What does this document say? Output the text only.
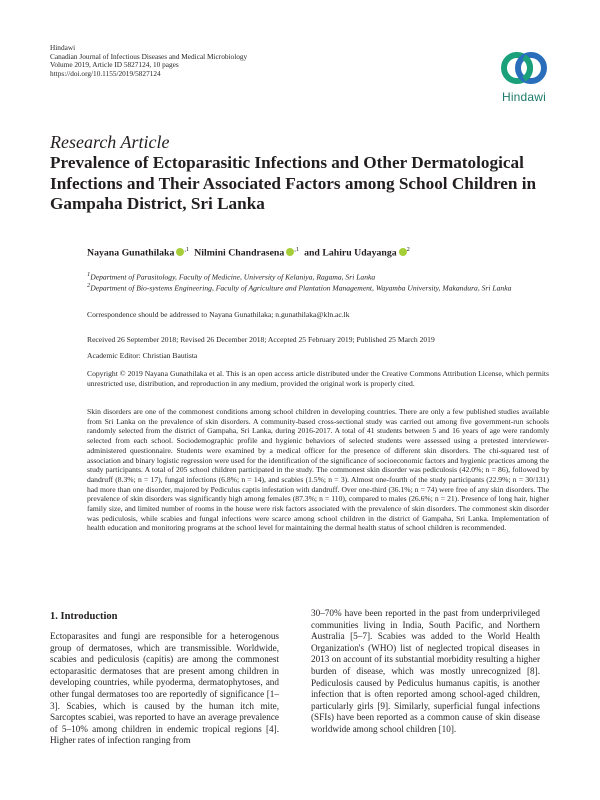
Hindawi
Canadian Journal of Infectious Diseases and Medical Microbiology
Volume 2019, Article ID 5827124, 10 pages
https://doi.org/10.1155/2019/5827124
Hindawi
Research Article
Prevalence of Ectoparasitic Infections and Other Dermatological Infections and Their Associated Factors among School Children in Gampaha District, Sri Lanka
Nayana Gunathilaka $^{,1}$ Nilmini Chandrasena $^{,1}$ and Lahiru Udayanga $^2$
1Department of Parasitology, Faculty of Medicine, University of Kelaniya, Ragama, Sri Lanka
2Department of Bio-systems Engineering, Faculty of Agriculture and Plantation Management, Wayamba University, Makandura, Sri Lanka
Correspondence should be addressed to Nayana Gunathilaka; n.gunathilaka@kln.ac.lk
Received 26 September 2018; Revised 26 December 2018; Accepted 25 February 2019; Published 25 March 2019
Academic Editor: Christian Bautista
Copyright © 2019 Nayana Gunathilaka et al. This is an open access article distributed under the Creative Commons Attribution License, which permits unrestricted use, distribution, and reproduction in any medium, provided the original work is properly cited.
Skin disorders are one of the commonest conditions among school children in developing countries. There are only a few published studies available from Sri Lanka on the prevalence of skin disorders. A community-based cross-sectional study was carried out among five government-run schools randomly selected from the district of Gampaha, Sri Lanka, during 2016-2017. A total of 41 students between 5 and 16 years of age were randomly selected from each school. Sociodemographic profile and hygienic behaviors of selected students were assessed using a pretested interviewer-administered questionnaire. Students were examined by a medical officer for the presence of different skin disorders. The chi-squared test of association and binary logistic regression were used for the identification of the significance of socioeconomic factors and hygienic practices among the study participants. A total of 205 school children participated in the study. The commonest skin disorder was pediculosis (42.0%; n = 86), followed by dandruff (8.3%; n = 17), fungal infections (6.8%; n = 14), and scabies (1.5%; n = 3). Almost one-fourth of the study participants (22.9%; n = 30/131) had more than one disorder, majored by Pediculus captis infestation with dandruff. Over one-third (36.1%; n = 74) were free of any skin disorders. The prevalence of skin disorders was significantly high among females (87.3%; n = 110), compared to males (26.6%; n = 21). Presence of long hair, higher family size, and limited number of rooms in the house were risk factors associated with the prevalence of skin disorders. The commonest skin disorder was pediculosis, while scabies and fungal infections were scarce among school children in the district of Gampaha, Sri Lanka. Implementation of health education and monitoring programs at the school level for maintaining the dermal health status of school children is recommended.
1. Introduction
Ectoparasites and fungi are responsible for a heterogenous group of dermatoses, which are transmissible. Worldwide, scabies and pediculosis (capitis) are among the commonest ectoparasitic dermatoses that are present among children in developing countries, while pyoderma, dermatophytoses, and other fungal dermatoses too are reportedly of significance [1–3]. Scabies, which is caused by the human itch mite, Sarcoptes scabiei, was reported to have an average prevalence of 5–10% among children in endemic tropical regions [4]. Higher rates of infection ranging from
30–70% have been reported in the past from underprivileged communities living in India, South Pacific, and Northern Australia [5–7]. Scabies was added to the World Health Organization's (WHO) list of neglected tropical diseases in 2013 on account of its substantial morbidity resulting a higher burden of disease, which was mostly unrecognized [8]. Pediculosis caused by Pediculus humanus capitis, is another infection that is often reported among school-aged children, particularly girls [9]. Similarly, superficial fungal infections (SFIs) have been reported as a common cause of skin disease worldwide among school children [10].
